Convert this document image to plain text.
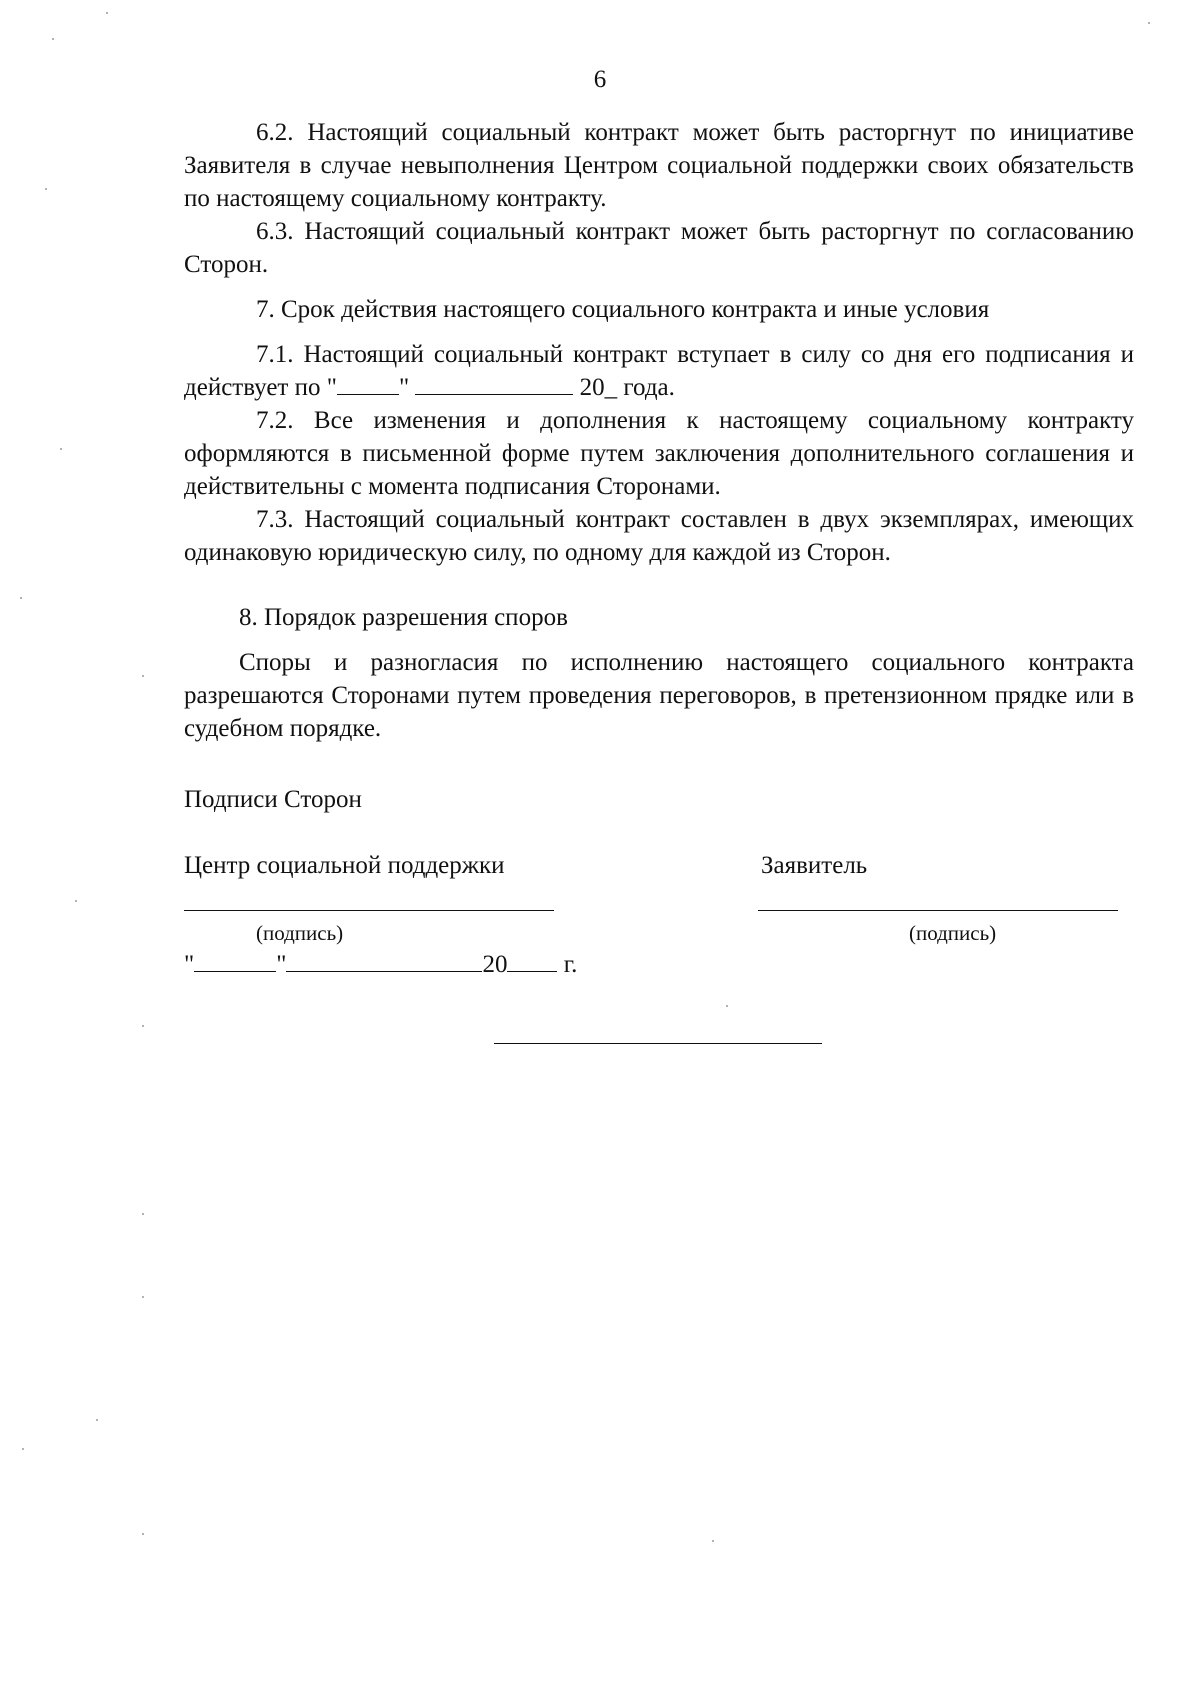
6

6.2. Настоящий социальный контракт может быть расторгнут по инициативе Заявителя в случае невыполнения Центром социальной поддержки своих обязательств по настоящему социальному контракту.

6.3. Настоящий социальный контракт может быть расторгнут по согласованию Сторон.

7. Срок действия настоящего социального контракта и иные условия

7.1. Настоящий социальный контракт вступает в силу со дня его подписания и действует по " "	20_ года.

7.2. Все изменения и дополнения к настоящему социальному контракту оформляются в письменной форме путем заключения дополнительного соглашения и действительны с момента подписания Сторонами.

7.3. Настоящий социальный контракт составлен в двух экземплярах, имеющих одинаковую юридическую силу, по одному для каждой из Сторон.

8. Порядок разрешения споров

Споры и разногласия по исполнению настоящего социального контракта разрешаются Сторонами путем проведения переговоров, в претензионном прядке или в судебном порядке.

Подписи Сторон
Центр социальной поддержки	Заявитель
(подпись)	(подпись)
"	"	20 г.
